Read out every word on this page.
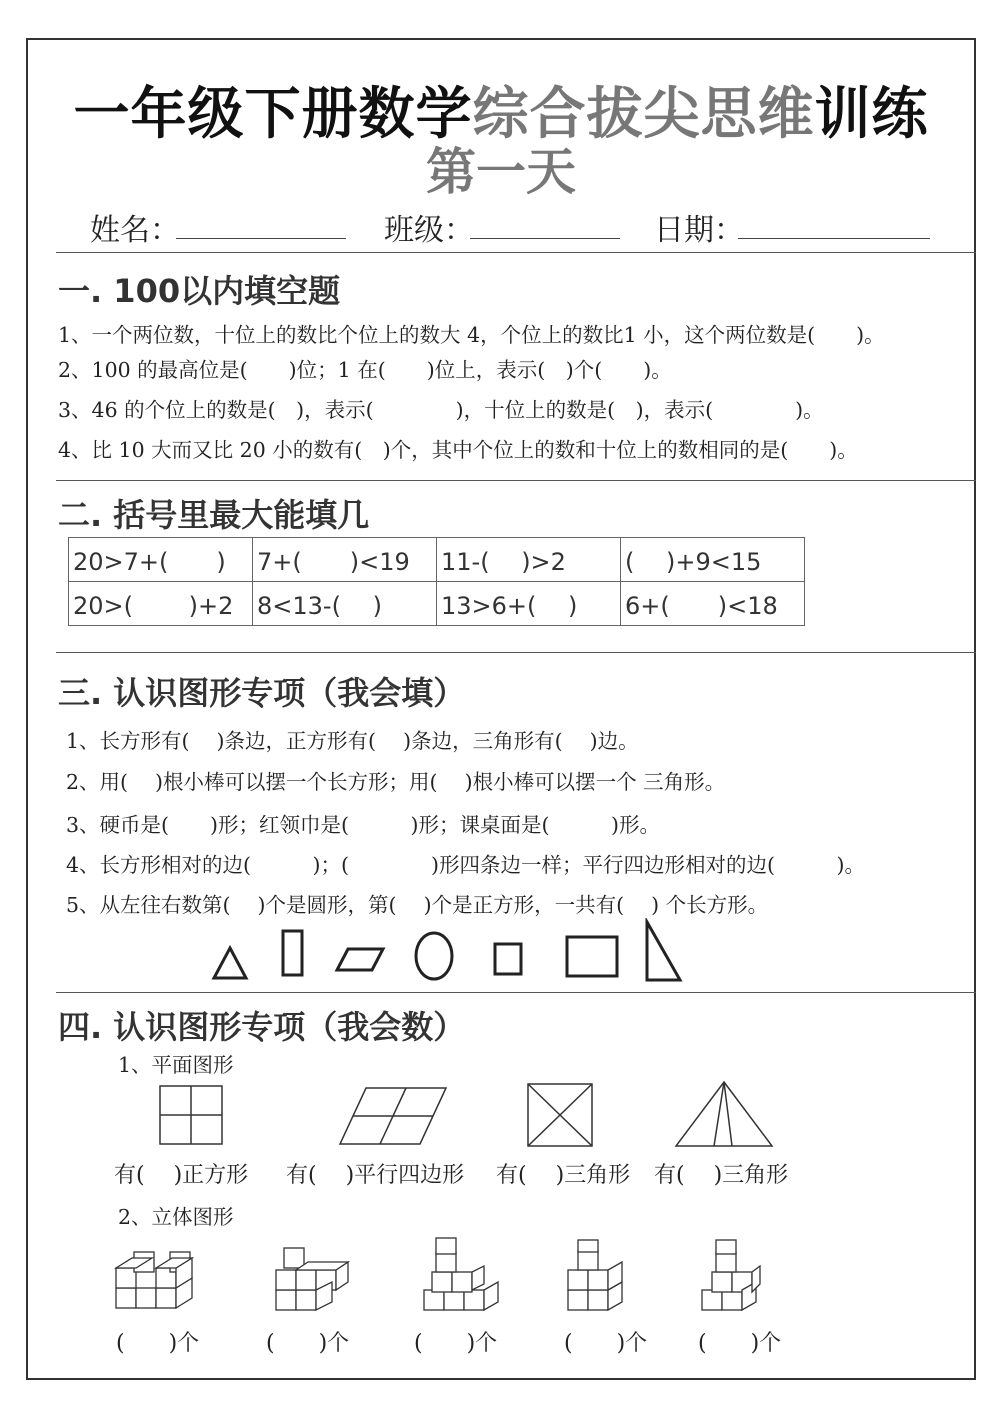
一年级下册数学综合拔尖思维训练
第一天
姓名：	班级：	日期：
一. 100以内填空题
1、一个两位数，十位上的数比个位上的数大 4，个位上的数比1 小，这个两位数是(　　)。
2、100 的最高位是(　　)位；1 在(　　)位上，表示(　)个(　　)。
3、46 的个位上的数是(　)，表示(　　　　)，十位上的数是(　)，表示(　　　　)。
4、比 10 大而又比 20 小的数有(　)个，其中个位上的数和十位上的数相同的是(　　)。
二. 括号里最大能填几
20>7+(　　)	7+(　　)<19	11-(　 )>2	(　 )+9<15
20>(　　 )+2	8<13-(　 )	13>6+(　 )	6+(　　)<18
三. 认识图形专项（我会填）
1、长方形有(　 )条边，正方形有(　 )条边，三角形有(　 )边。
2、用(　 )根小棒可以摆一个长方形；用(　 )根小棒可以摆一个 三角形。
3、硬币是(　　)形；红领巾是(　　　)形；课桌面是(　　　)形。
4、长方形相对的边(　　　)；(　　　　)形四条边一样；平行四边形相对的边(　　　)。
5、从左往右数第(　 )个是圆形，第(　 )个是正方形，一共有(　 ) 个长方形。
四. 认识图形专项（我会数）
1、平面图形
有(　 )正方形 有(　 )平行四边形 有(　 )三角形 有(　 )三角形
2、立体图形
(　　)个	(　　)个	(　　)个	(　　)个 (　　)个
